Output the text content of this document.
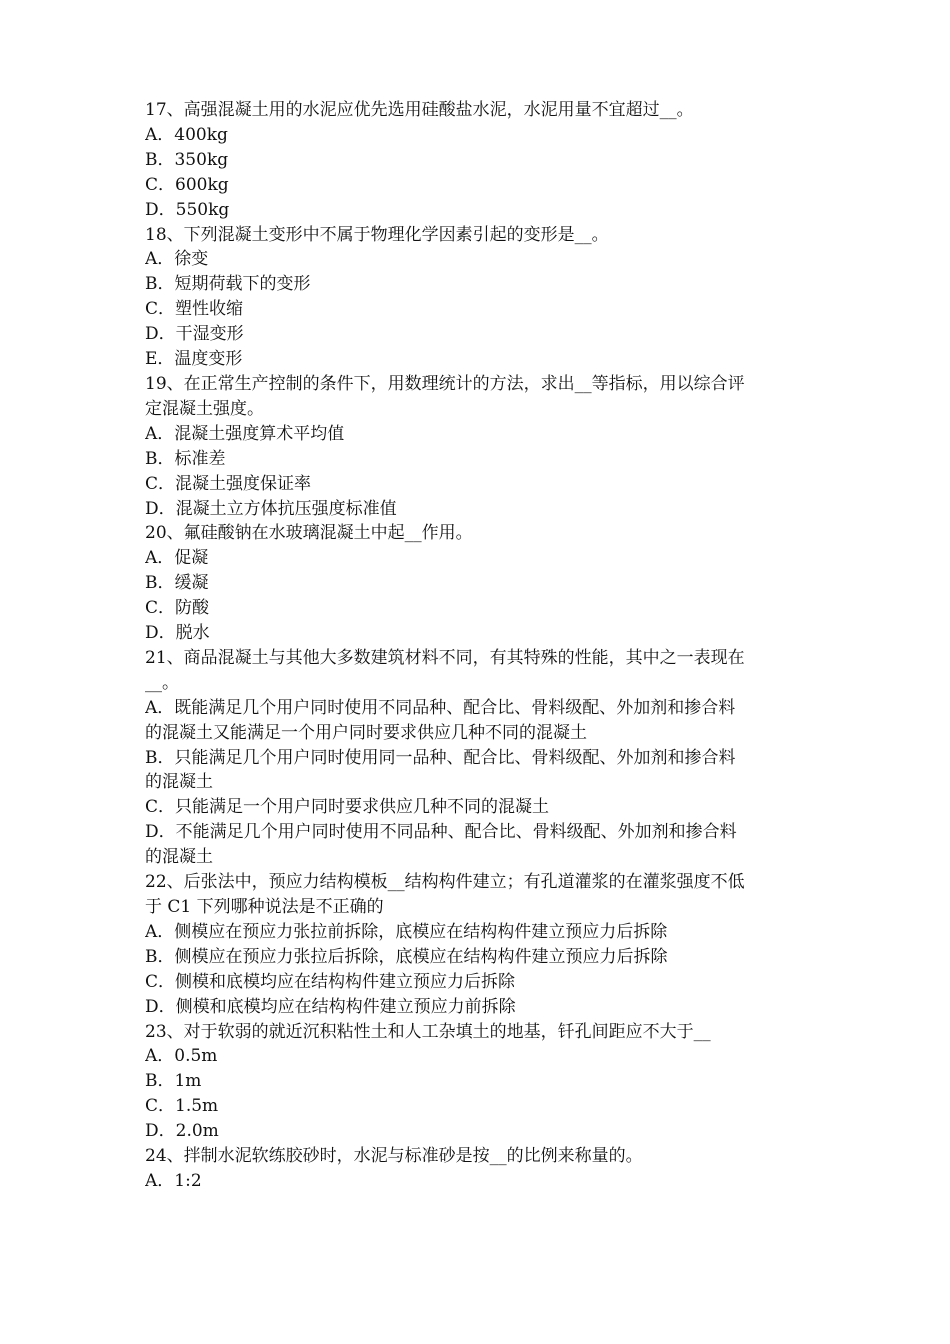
17、高强混凝土用的水泥应优先选用硅酸盐水泥，水泥用量不宜超过__。
A．400kg
B．350kg
C．600kg
D．550kg
18、下列混凝土变形中不属于物理化学因素引起的变形是__。
A．徐变
B．短期荷载下的变形
C．塑性收缩
D．干湿变形
E．温度变形
19、在正常生产控制的条件下，用数理统计的方法，求出__等指标，用以综合评
定混凝土强度。
A．混凝土强度算术平均值
B．标准差
C．混凝土强度保证率
D．混凝土立方体抗压强度标准值
20、氟硅酸钠在水玻璃混凝土中起__作用。
A．促凝
B．缓凝
C．防酸
D．脱水
21、商品混凝土与其他大多数建筑材料不同，有其特殊的性能，其中之一表现在
__。
A．既能满足几个用户同时使用不同品种、配合比、骨料级配、外加剂和掺合料
的混凝土又能满足一个用户同时要求供应几种不同的混凝土
B．只能满足几个用户同时使用同一品种、配合比、骨料级配、外加剂和掺合料
的混凝土
C．只能满足一个用户同时要求供应几种不同的混凝土
D．不能满足几个用户同时使用不同品种、配合比、骨料级配、外加剂和掺合料
的混凝土
22、后张法中，预应力结构模板__结构构件建立；有孔道灌浆的在灌浆强度不低
于 C1 下列哪种说法是不正确的
A．侧模应在预应力张拉前拆除，底模应在结构构件建立预应力后拆除
B．侧模应在预应力张拉后拆除，底模应在结构构件建立预应力后拆除
C．侧模和底模均应在结构构件建立预应力后拆除
D．侧模和底模均应在结构构件建立预应力前拆除
23、对于软弱的就近沉积粘性土和人工杂填土的地基，钎孔间距应不大于__
A．0.5m
B．1m
C．1.5m
D．2.0m
24、拌制水泥软练胶砂时，水泥与标准砂是按__的比例来称量的。
A．1:2
